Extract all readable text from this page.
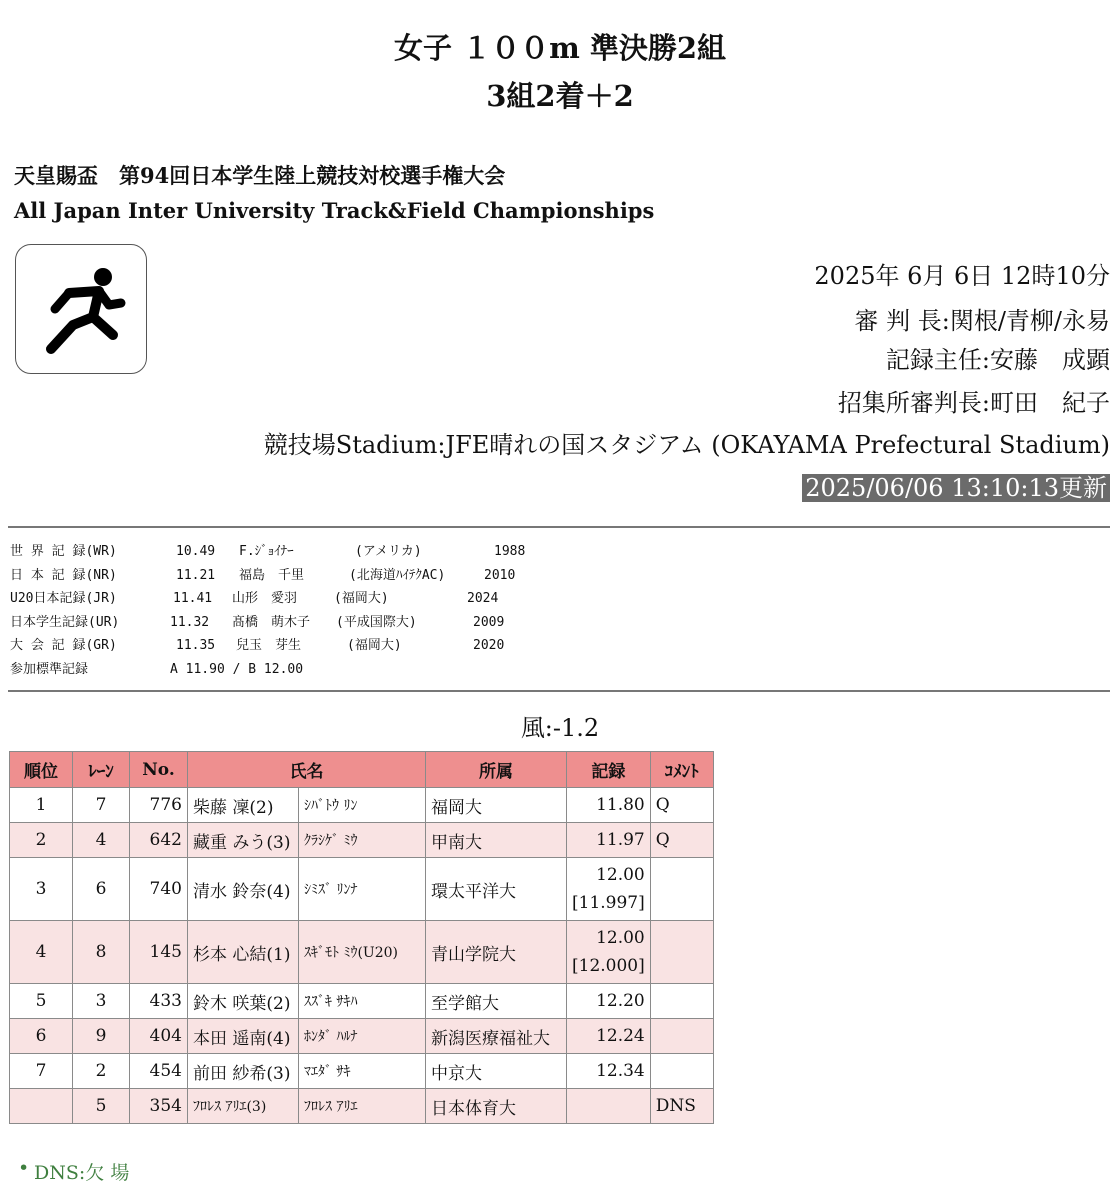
女子 １００m 準決勝2組
3組2着＋2
天皇賜盃　第94回日本学生陸上競技対校選手権大会
All Japan Inter University Track&Field Championships
2025年 6月 6日 12時10分
審 判 長:関根/青柳/永易
記録主任:安藤　成顕
招集所審判長:町田　紀子
競技場Stadium:JFE晴れの国スタジアム (OKAYAMA Prefectural Stadium)
2025/06/06 13:10:13更新
世 界 記 録(WR)	10.49 F.ｼﾞｮｲﾅｰ	(アメリカ)	1988
日 本 記 録(NR)	11.21 福島　千里	(北海道ﾊｲﾃｸAC)	2010
U20日本記録(JR)	11.41 山形　愛羽	(福岡大)	2024
日本学生記録(UR)	11.32 髙橋　萌木子 (平成国際大)	2009
大 会 記 録(GR)	11.35 兒玉　芽生	(福岡大)	2020
参加標準記録	A 11.90 / B 12.00
風:-1.2
順位	ﾚｰﾝ	No.	氏名		所属	記録	ｺﾒﾝﾄ
1	7	776	柴藤 凜(2)	ｼﾊﾞﾄｳ ﾘﾝ	福岡大	11.80	Q
2	4	642	藏重 みう(3)	ｸﾗｼｹﾞ ﾐｳ	甲南大	11.97	Q
3	6	740	清水 鈴奈(4)	ｼﾐｽﾞ ﾘﾝﾅ	環太平洋大	12.00
[11.997]	

4	8	145	杉本 心結(1)	ｽｷﾞﾓﾄ ﾐｳ(U20)	青山学院大	12.00
[12.000]	

5	3	433	鈴木 咲葉(2)	ｽｽﾞｷ ｻｷﾊ	至学館大	12.20	
6	9	404	本田 遥南(4)	ﾎﾝﾀﾞ ﾊﾙﾅ	新潟医療福祉大	12.24	
7	2	454	前田 紗希(3)	ﾏｴﾀﾞ ｻｷ	中京大	12.34	
	5	354	ﾌﾛﾚｽ ｱﾘｴ(3)	ﾌﾛﾚｽ ｱﾘｴ	日本体育大		DNS
• DNS:欠 場
